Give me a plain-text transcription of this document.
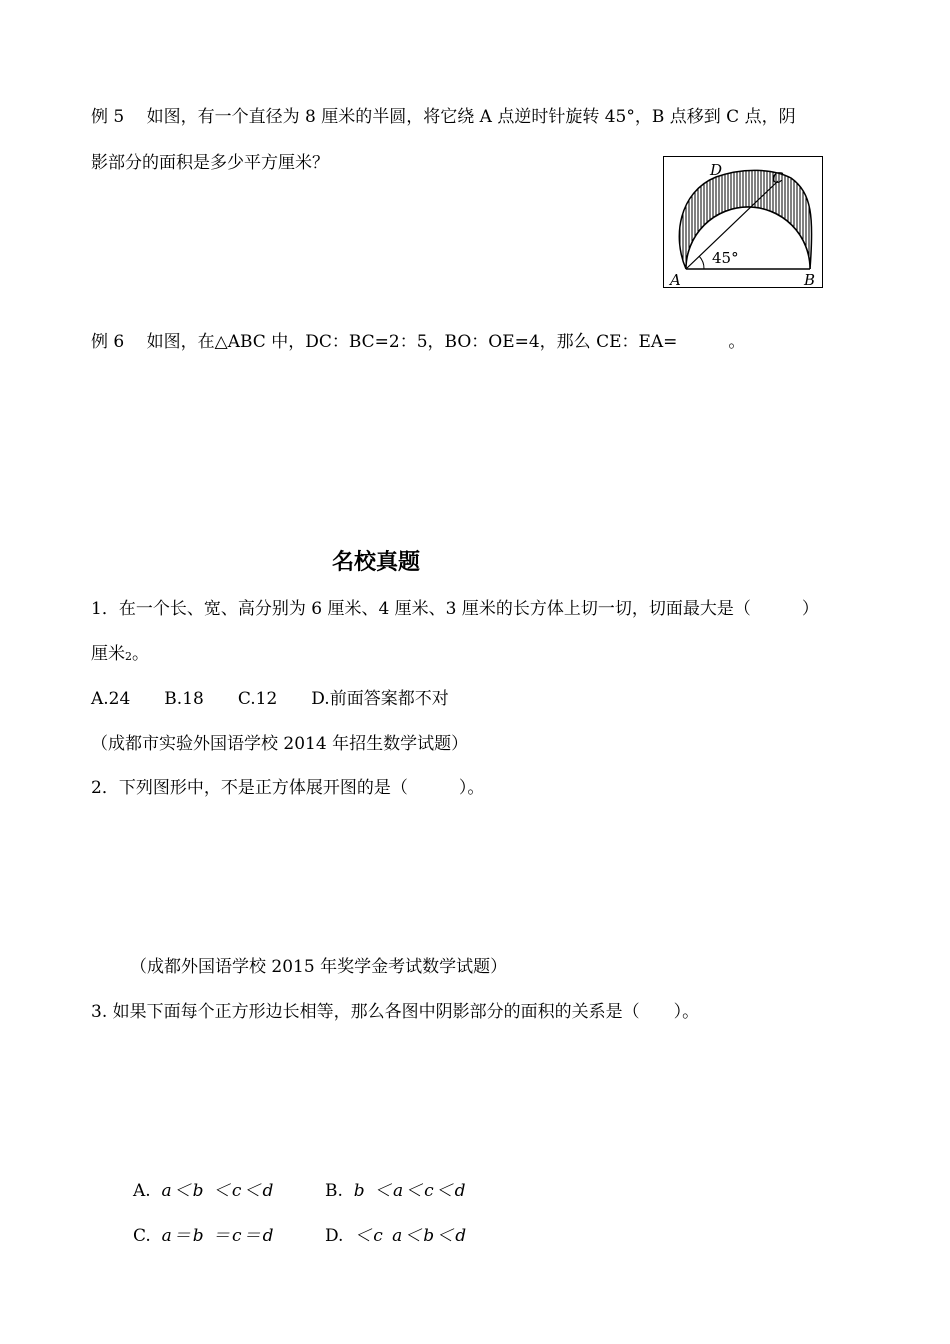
例 5　 如图，有一个直径为 8 厘米的半圆，将它绕 A 点逆时针旋转 45°，B 点移到 C 点，阴
影部分的面积是多少平方厘米？	D	C
A	B
45°
例 6　 如图，在△ABC 中，DC：BC=2：5，BO：OE=4，那么 CE：EA=　　　。
名校真题
1．在一个长、宽、高分别为 6 厘米、4 厘米、3 厘米的长方体上切一切，切面最大是（　　　）
厘米2。
A.24　　B.18　　C.12　　D.前面答案都不对
（成都市实验外国语学校 2014 年招生数学试题）
2．下列图形中，不是正方体展开图的是（　　　）。
（成都外国语学校 2015 年奖学金考试数学试题）
3. 如果下面每个正方形边长相等，那么各图中阴影部分的面积的关系是（　　）。
A. a＜b ＜c＜d	B. b ＜a＜c＜d
C. a＝b ＝c＝d	D. ＜c a＜b＜d
